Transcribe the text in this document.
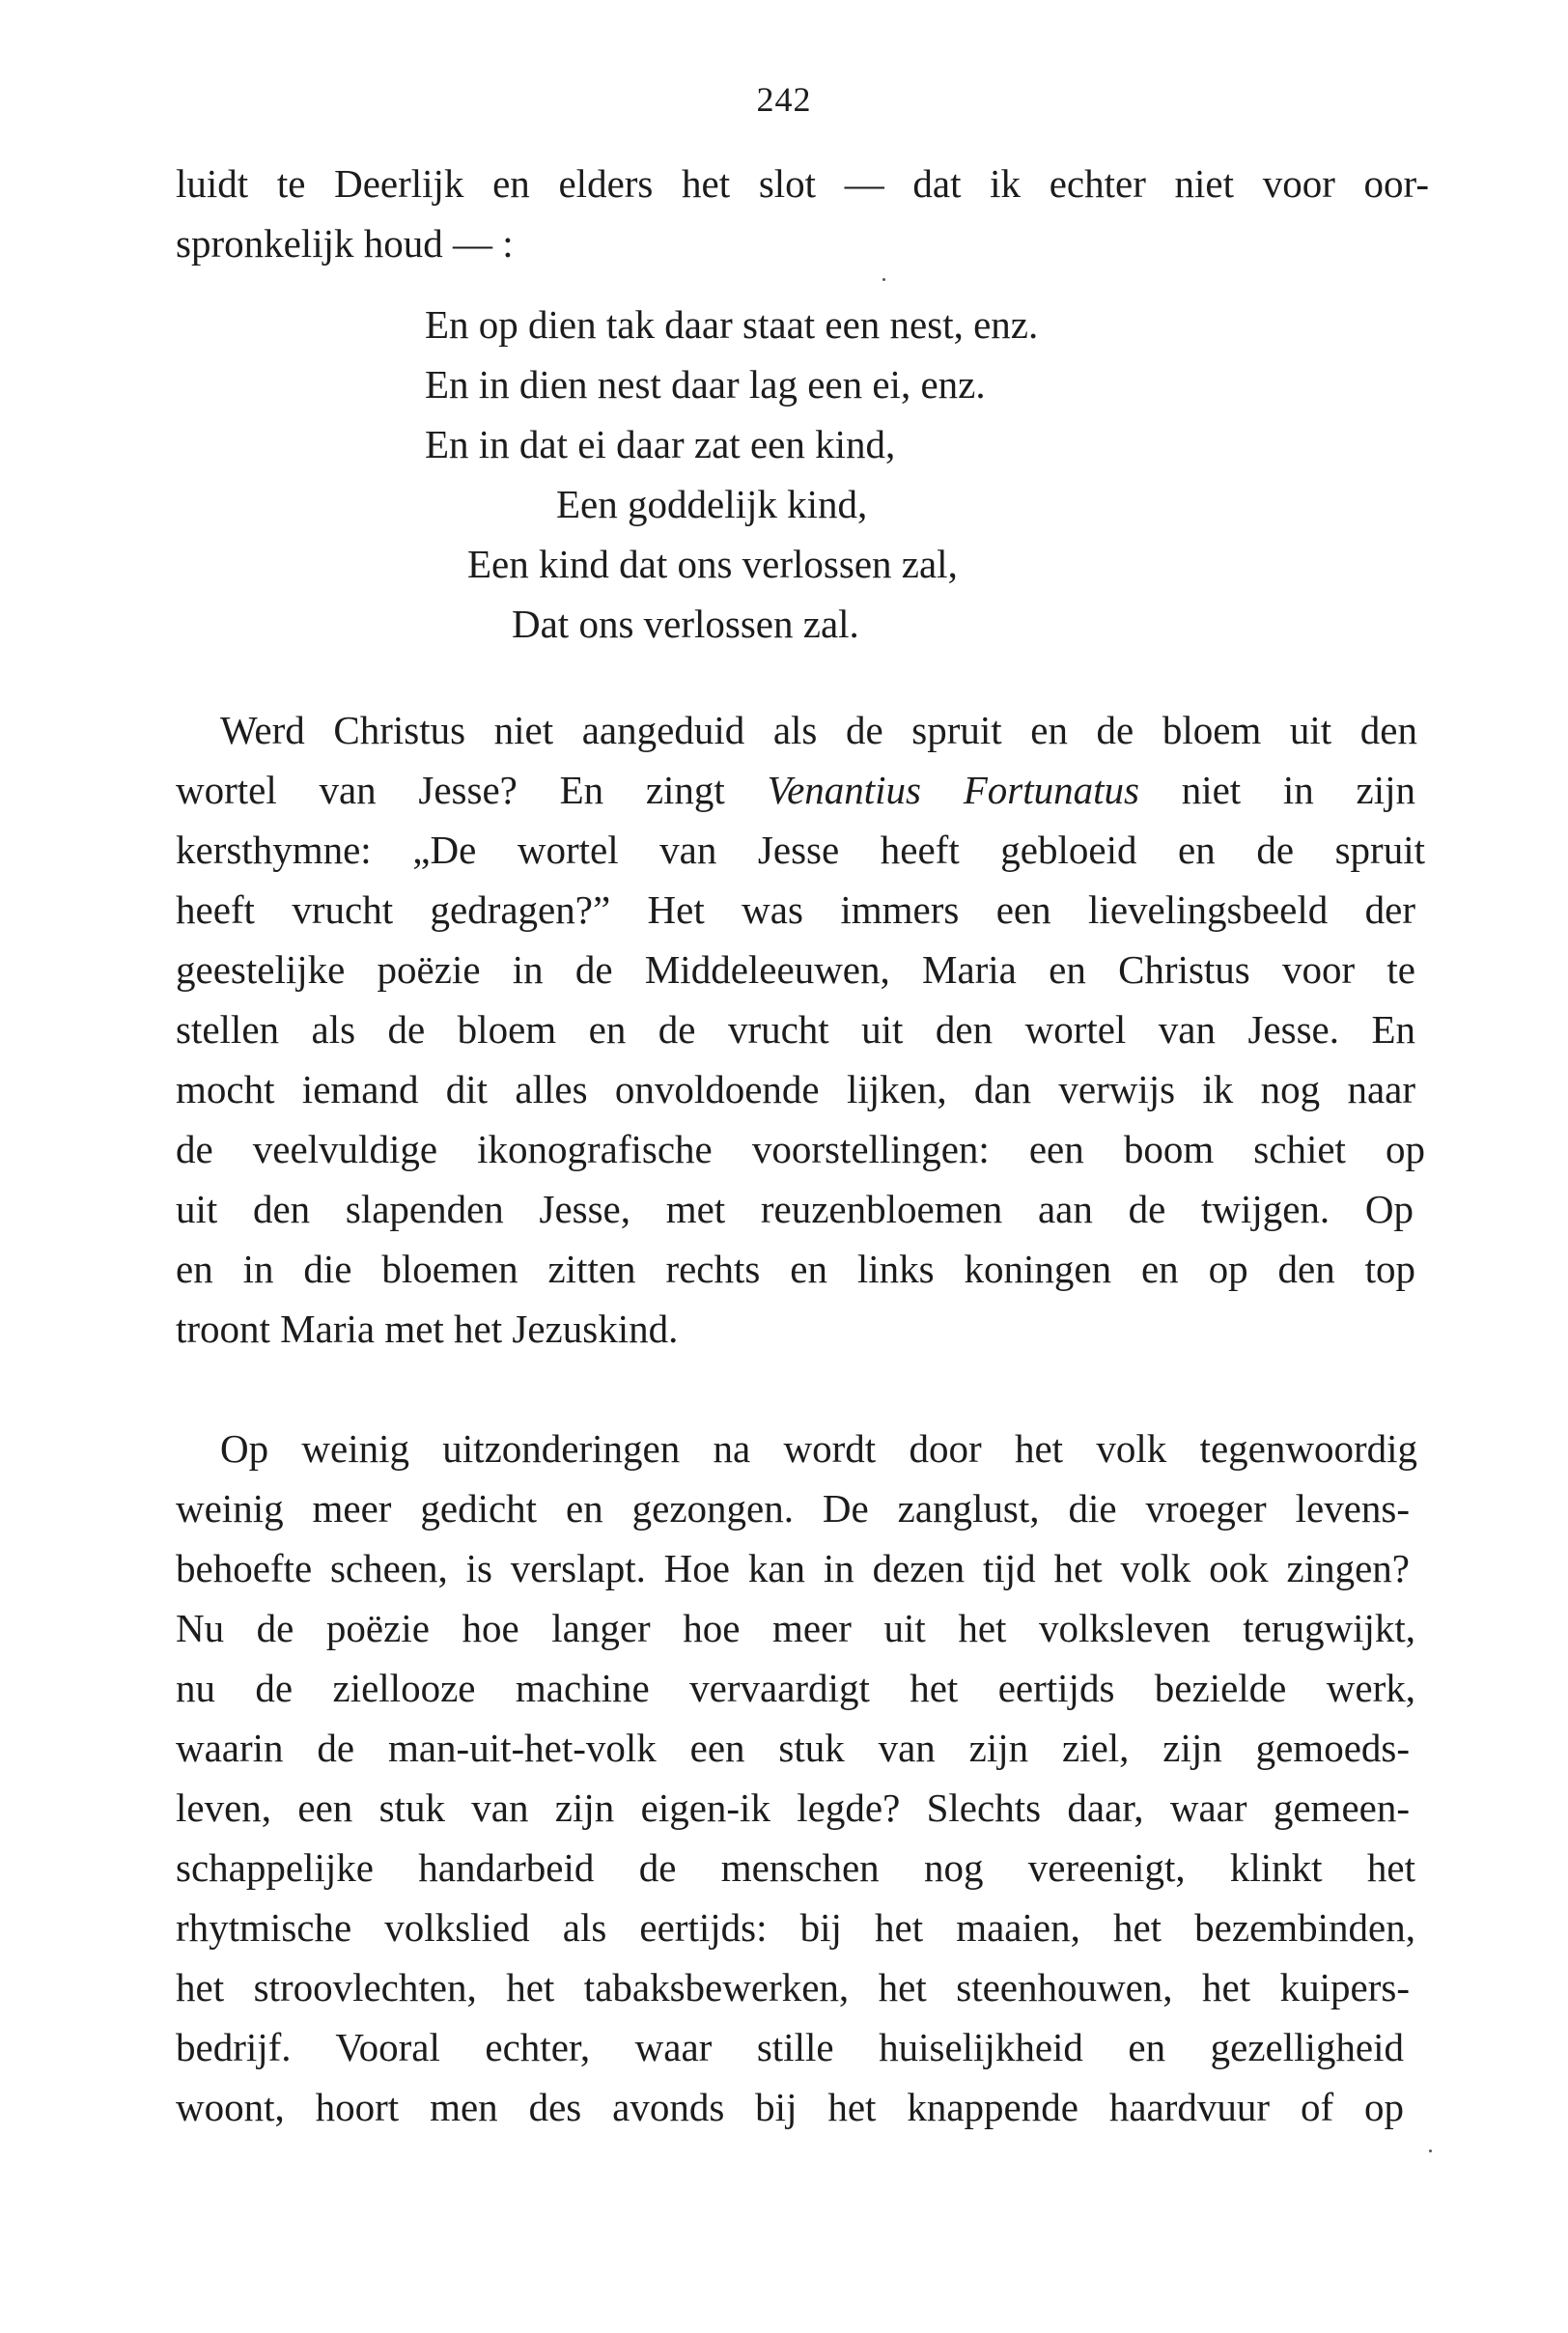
242
luidt te Deerlijk en elders het slot — dat ik echter niet voor oor-
spronkelijk houd — :
En op dien tak daar staat een nest, enz.
En in dien nest daar lag een ei, enz.
En in dat ei daar zat een kind,
Een goddelijk kind,
Een kind dat ons verlossen zal,
Dat ons verlossen zal.
Werd Christus niet aangeduid als de spruit en de bloem uit den
wortel van Jesse? En zingt Venantius Fortunatus niet in zijn
kersthymne: „De wortel van Jesse heeft gebloeid en de spruit
heeft vrucht gedragen?” Het was immers een lievelingsbeeld der
geestelijke poëzie in de Middeleeuwen, Maria en Christus voor te
stellen als de bloem en de vrucht uit den wortel van Jesse. En
mocht iemand dit alles onvoldoende lijken, dan verwijs ik nog naar
de veelvuldige ikonografische voorstellingen: een boom schiet op
uit den slapenden Jesse, met reuzenbloemen aan de twijgen. Op
en in die bloemen zitten rechts en links koningen en op den top
troont Maria met het Jezuskind.
Op weinig uitzonderingen na wordt door het volk tegenwoordig
weinig meer gedicht en gezongen. De zanglust, die vroeger levens-
behoefte scheen, is verslapt. Hoe kan in dezen tijd het volk ook zingen?
Nu de poëzie hoe langer hoe meer uit het volksleven terugwijkt,
nu de ziellooze machine vervaardigt het eertijds bezielde werk,
waarin de man-uit-het-volk een stuk van zijn ziel, zijn gemoeds-
leven, een stuk van zijn eigen-ik legde? Slechts daar, waar gemeen-
schappelijke handarbeid de menschen nog vereenigt, klinkt het
rhytmische volkslied als eertijds: bij het maaien, het bezembinden,
het stroovlechten, het tabaksbewerken, het steenhouwen, het kuipers-
bedrijf. Vooral echter, waar stille huiselijkheid en gezelligheid
woont, hoort men des avonds bij het knappende haardvuur of op
